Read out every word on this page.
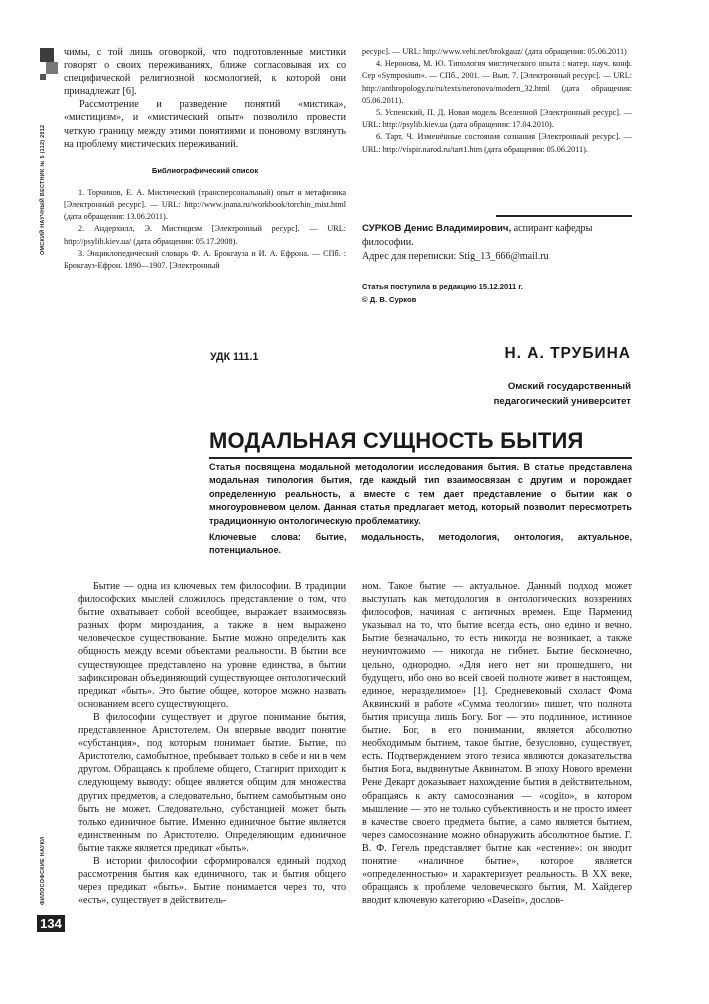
ОМСКИЙ НАУЧНЫЙ ВЕСТНИК № 5 (112) 2012
ФИЛОСОФСКИЕ НАУКИ
134

чимы, с той лишь оговоркой, что подготовленные мистики говорят о своих переживаниях, ближе согласовывая их со специфической религиозной космологией, к которой они принадлежат [6].

Рассмотрение и разведение понятий «мистика», «мистицизм», и «мистический опыт» позволило провести четкую границу между этими понятиями и поновому взглянуть на проблему мистических переживаний.

Библиографический список

1. Торчинов, Е. А. Мистический (трансперсональный) опыт и метафизика [Электронный ресурс]. — URL: http://www.jnana.ru/workbook/torchin_mist.html (дата обращения: 13.06.2011).

2. Андерхилл, Э. Мистицизм [Электронный ресурс]. — URL: http://psylib.kiev.ua/ (дата обращения: 05.17.2008).

3. Энциклопедический словарь Ф. А. Брокгауза и И. А. Ефрона. — СПб. : Брокгауз-Ефрон. 1890—1907. [Электронный

ресурс]. — URL: http://www.vehi.net/brokgauz/ (дата обращения: 05.06.2011)

4. Неронова, М. Ю. Типология мистического опыта : матер. науч. конф. Сер «Symposium». — СПб., 2001. — Вып. 7. [Электронный ресурс]. — URL: http://anthropology.ru/ru/texts/neronova/modern_32.html (дата обращения: 05.06.2011).

5. Успенский, П. Д. Новая модель Вселенной [Электронный ресурс]. — URL: http://psylib.kiev.ua (дата обращения: 17.04.2010).

6. Тарт, Ч. Изменённые состояния сознания [Электронный ресурс]. — URL: http://vispir.narod.ru/tart1.htm (дата обращения: 05.06.2011).

СУРКОВ Денис Владимирович, аспирант кафедры философии.

Адрес для переписки: Stig_13_666@mail.ru

Статья поступила в редакцию 15.12.2011 г.

© Д. В. Сурков

УДК 111.1	Н. А. ТРУБИНА
Омский государственный
педагогический университет
МОДАЛЬНАЯ СУЩНОСТЬ БЫТИЯ

Статья посвящена модальной методологии исследования бытия. В статье представлена модальная типология бытия, где каждый тип взаимосвязан с другим и порождает определенную реальность, а вместе с тем дает представление о бытии как о многоуровневом целом. Данная статья предлагает метод, который позволит пересмотреть традиционную онтологическую проблематику.

Ключевые слова: бытие, модальность, методология, онтология, актуальное, потенциальное.

Бытие — одна из ключевых тем философии. В традиции философских мыслей сложилось представление о том, что бытие охватывает собой всеобщее, выражает взаимосвязь разных форм мироздания, а также в нем выражено человеческое существование. Бытие можно определить как общность между всеми объектами реальности. В бытии все существующее представлено на уровне единства, в бытии зафиксирован объединяющий существующее онтологический предикат «быть». Это бытие общее, которое можно назвать основанием всего существующего.

В философии существует и другое понимание бытия, представленное Аристотелем. Он впервые вводит понятие «субстанция», под которым понимает бытие. Бытие, по Аристотелю, самобытное, пребывает только в себе и ни в чем другом. Обращаясь к проблеме общего, Стагирит приходит к следующему выводу: общее является общим для множества других предметов, а следовательно, бытием самобытным оно быть не может. Следовательно, субстанцией может быть только единичное бытие. Именно единичное бытие является единственным по Аристотелю. Определяющим единичное бытие также является предикат «быть».

В истории философии сформировался единый подход рассмотрения бытия как единичного, так и бытия общего через предикат «быть». Бытие понимается через то, что «есть», существует в действитель-

ном. Такое бытие — актуальное. Данный подход может выступать как методология в онтологических воззрениях философов, начиная с античных времен. Еще Парменид указывал на то, что бытие всегда есть, оно едино и вечно. Бытие безначально, то есть никогда не возникает, а также неуничтожимо — никогда не гибнет. Бытие бесконечно, цельно, однородно. «Для него нет ни прошедшего, ни будущего, ибо оно во всей своей полноте живет в настоящем, единое, неразделимое» [1]. Средневековый схоласт Фома Аквинский в работе «Сумма теологии» пишет, что полнота бытия присуща лишь Богу. Бог — это подлинное, истинное бытие. Бог, в его понимании, является абсолютно необходимым бытием, такое бытие, безусловно, существует, есть. Подтверждением этого тезиса являются доказательства бытия Бога, выдвинутые Аквинатом. В эпоху Нового времени Рене Декарт доказывает нахождение бытия в действительном, обращаясь к акту самосознания — «cogito», в котором мышление — это не только субъективность и не просто имеет в качестве своего предмета бытие, а само является бытием, через самосознание можно обнаружить абсолютное бытие. Г. В. Ф. Гегель представляет бытие как «естение»: он вводит понятие «наличное бытие», которое является «определенностью» и характеризует реальность. В XX веке, обращаясь к проблеме человеческого бытия, М. Хайдегер вводит ключевую категорию «Dasein», дослов-
